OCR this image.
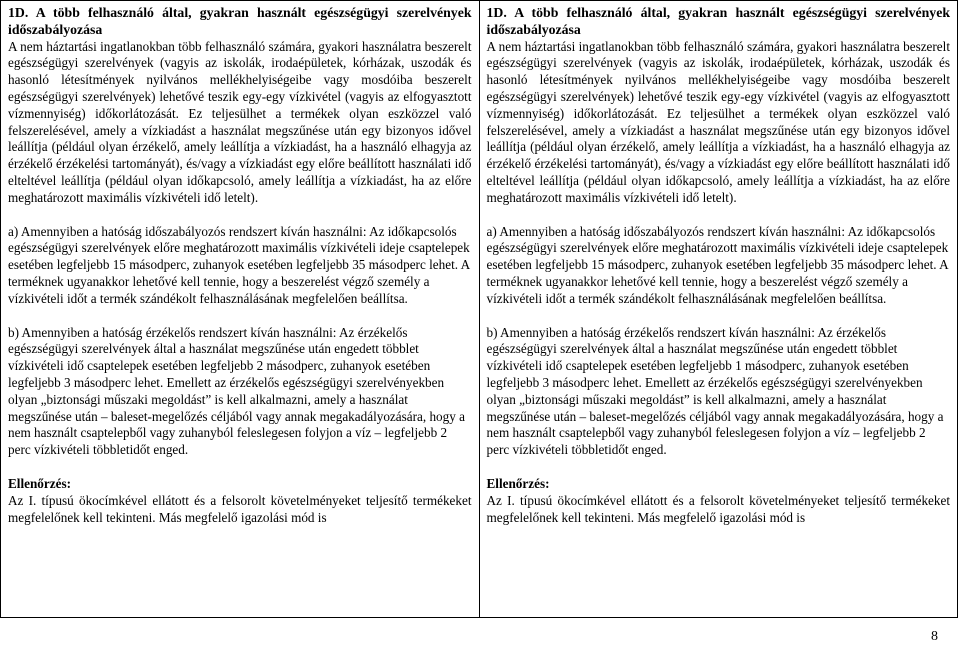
1D. A több felhasználó által, gyakran használt egészségügyi szerelvények időszabályozása

A nem háztartási ingatlanokban több felhasználó számára, gyakori használatra beszerelt egészségügyi szerelvények (vagyis az iskolák, irodaépületek, kórházak, uszodák és hasonló létesítmények nyilvános mellékhelyiségeibe vagy mosdóiba beszerelt egészségügyi szerelvények) lehetővé teszik egy-egy vízkivétel (vagyis az elfogyasztott vízmennyiség) időkorlátozását. Ez teljesülhet a termékek olyan eszközzel való felszerelésével, amely a vízkiadást a használat megszűnése után egy bizonyos idővel leállítja (például olyan érzékelő, amely leállítja a vízkiadást, ha a használó elhagyja az érzékelő érzékelési tartományát), és/vagy a vízkiadást egy előre beállított használati idő elteltével leállítja (például olyan időkapcsoló, amely leállítja a vízkiadást, ha az előre meghatározott maximális vízkivételi idő letelt).

a) Amennyiben a hatóság időszabályozós rendszert kíván használni: Az időkapcsolós egészségügyi szerelvények előre meghatározott maximális vízkivételi ideje csaptelepek esetében legfeljebb 15 másodperc, zuhanyok esetében legfeljebb 35 másodperc lehet. A terméknek ugyanakkor lehetővé kell tennie, hogy a beszerelést végző személy a vízkivételi időt a termék szándékolt felhasználásának megfelelően beállítsa.

b) Amennyiben a hatóság érzékelős rendszert kíván használni: Az érzékelős egészségügyi szerelvények által a használat megszűnése után engedett többlet vízkivételi idő csaptelepek esetében legfeljebb 2 másodperc, zuhanyok esetében legfeljebb 3 másodperc lehet. Emellett az érzékelős egészségügyi szerelvényekben olyan „biztonsági műszaki megoldást” is kell alkalmazni, amely a használat megszűnése után – baleset-megelőzés céljából vagy annak megakadályozására, hogy a nem használt csaptelepből vagy zuhanyból feleslegesen folyjon a víz – legfeljebb 2 perc vízkivételi többletidőt enged.

Ellenőrzés:

Az I. típusú ökocímkével ellátott és a felsorolt követelményeket teljesítő termékeket megfelelőnek kell tekinteni. Más megfelelő igazolási mód is

1D. A több felhasználó által, gyakran használt egészségügyi szerelvények időszabályozása

A nem háztartási ingatlanokban több felhasználó számára, gyakori használatra beszerelt egészségügyi szerelvények (vagyis az iskolák, irodaépületek, kórházak, uszodák és hasonló létesítmények nyilvános mellékhelyiségeibe vagy mosdóiba beszerelt egészségügyi szerelvények) lehetővé teszik egy-egy vízkivétel (vagyis az elfogyasztott vízmennyiség) időkorlátozását. Ez teljesülhet a termékek olyan eszközzel való felszerelésével, amely a vízkiadást a használat megszűnése után egy bizonyos idővel leállítja (például olyan érzékelő, amely leállítja a vízkiadást, ha a használó elhagyja az érzékelő érzékelési tartományát), és/vagy a vízkiadást egy előre beállított használati idő elteltével leállítja (például olyan időkapcsoló, amely leállítja a vízkiadást, ha az előre meghatározott maximális vízkivételi idő letelt).

a) Amennyiben a hatóság időszabályozós rendszert kíván használni: Az időkapcsolós egészségügyi szerelvények előre meghatározott maximális vízkivételi ideje csaptelepek esetében legfeljebb 15 másodperc, zuhanyok esetében legfeljebb 35 másodperc lehet. A terméknek ugyanakkor lehetővé kell tennie, hogy a beszerelést végző személy a vízkivételi időt a termék szándékolt felhasználásának megfelelően beállítsa.

b) Amennyiben a hatóság érzékelős rendszert kíván használni: Az érzékelős egészségügyi szerelvények által a használat megszűnése után engedett többlet vízkivételi idő csaptelepek esetében legfeljebb 1 másodperc, zuhanyok esetében legfeljebb 3 másodperc lehet. Emellett az érzékelős egészségügyi szerelvényekben olyan „biztonsági műszaki megoldást” is kell alkalmazni, amely a használat megszűnése után – baleset-megelőzés céljából vagy annak megakadályozására, hogy a nem használt csaptelepből vagy zuhanyból feleslegesen folyjon a víz – legfeljebb 2 perc vízkivételi többletidőt enged.

Ellenőrzés:

Az I. típusú ökocímkével ellátott és a felsorolt követelményeket teljesítő termékeket megfelelőnek kell tekinteni. Más megfelelő igazolási mód is

8
